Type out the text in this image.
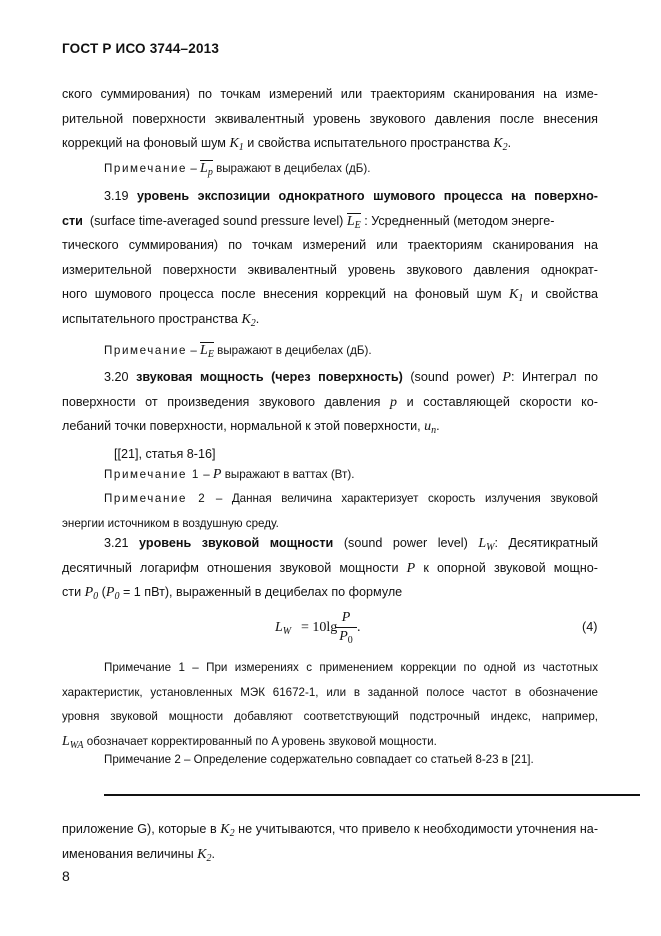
ГОСТ Р ИСО 3744–2013
ского суммирования) по точкам измерений или траекториям сканирования на изме-
рительной поверхности эквивалентный уровень звукового давления после внесения
коррекций на фоновый шум $K_1$ и свойства испытательного пространства $K_2$.
Примечание – $L_p$ выражают в децибелах (дБ).
3.19 уровень экспозиции однократного шумового процесса на поверхно-
сти (surface time-averaged sound pressure level) $L_E$ : Усредненный (методом энерге-
тического суммирования) по точкам измерений или траекториям сканирования на
измерительной поверхности эквивалентный уровень звукового давления однократ-
ного шумового процесса после внесения коррекций на фоновый шум $K_1$ и свойства
испытательного пространства $K_2$.
Примечание – $L_E$ выражают в децибелах (дБ).
3.20 звуковая мощность (через поверхность) (sound power) P: Интеграл по
поверхности от произведения звукового давления p и составляющей скорости ко-
лебаний точки поверхности, нормальной к этой поверхности, $u_n$.
[[21], статья 8-16]
Примечание 1 – P выражают в ваттах (Вт).
Примечание 2 – Данная величина характеризует скорость излучения звуковой
энергии источником в воздушную среду.
3.21 уровень звуковой мощности (sound power level) $L_W$: Десятикратный
десятичный логарифм отношения звуковой мощности P к опорной звуковой мощно-
сти $P_0$ ($P_0 = 1$ пВт), выраженный в децибелах по формуле
$L_W = 10\lg$
P
$P_0$
.	(4)
Примечание 1 – При измерениях с применением коррекции по одной из частотных
характеристик, установленных МЭК 61672-1, или в заданной полосе частот в обозначение
уровня звуковой мощности добавляют соответствующий подстрочный индекс, например,
$L_{WA}$ обозначает корректированный по A уровень звуковой мощности.
Примечание 2 – Определение содержательно совпадает со статьей 8-23 в [21].
приложение G), которые в $K_2$ не учитываются, что привело к необходимости уточнения на-
именования величины $K_2$.
8
